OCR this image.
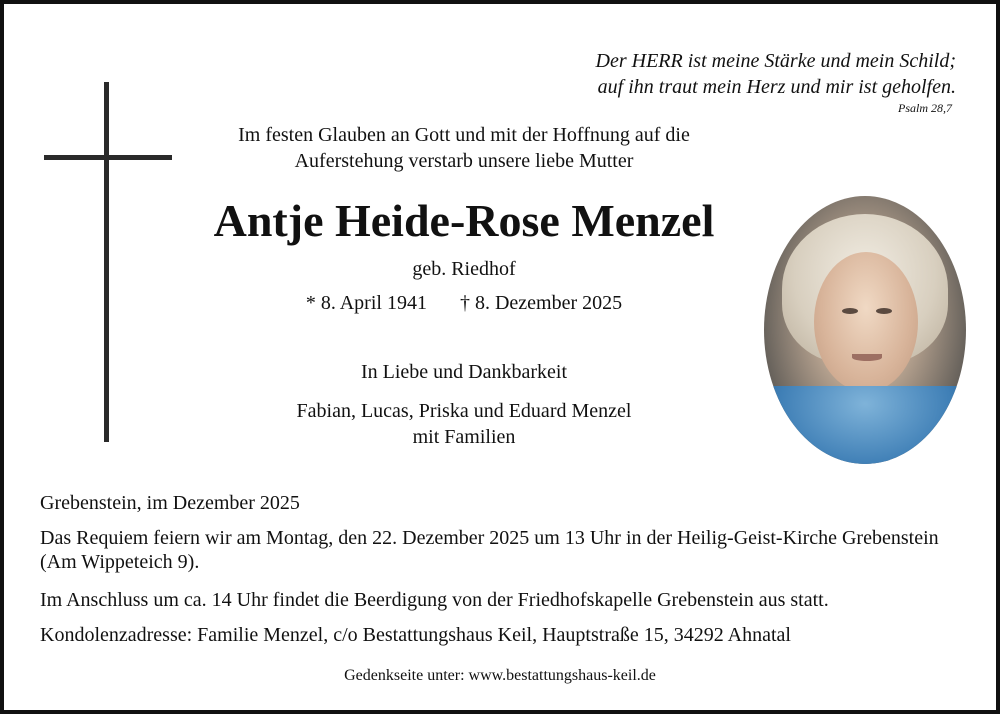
Der HERR ist meine Stärke und mein Schild;
auf ihn traut mein Herz und mir ist geholfen.
Psalm 28,7
Im festen Glauben an Gott und mit der Hoffnung auf die
Auferstehung verstarb unsere liebe Mutter
Antje Heide-Rose Menzel
geb. Riedhof
* 8. April 1941 † 8. Dezember 2025
In Liebe und Dankbarkeit
Fabian, Lucas, Priska und Eduard Menzel
mit Familien
Grebenstein, im Dezember 2025
Das Requiem feiern wir am Montag, den 22. Dezember 2025 um 13 Uhr in der Heilig-Geist-Kirche Grebenstein (Am Wippeteich 9).
Im Anschluss um ca. 14 Uhr findet die Beerdigung von der Friedhofskapelle Grebenstein aus statt.
Kondolenzadresse: Familie Menzel, c/o Bestattungshaus Keil, Hauptstraße 15, 34292 Ahnatal
Gedenkseite unter: www.bestattungshaus-keil.de
